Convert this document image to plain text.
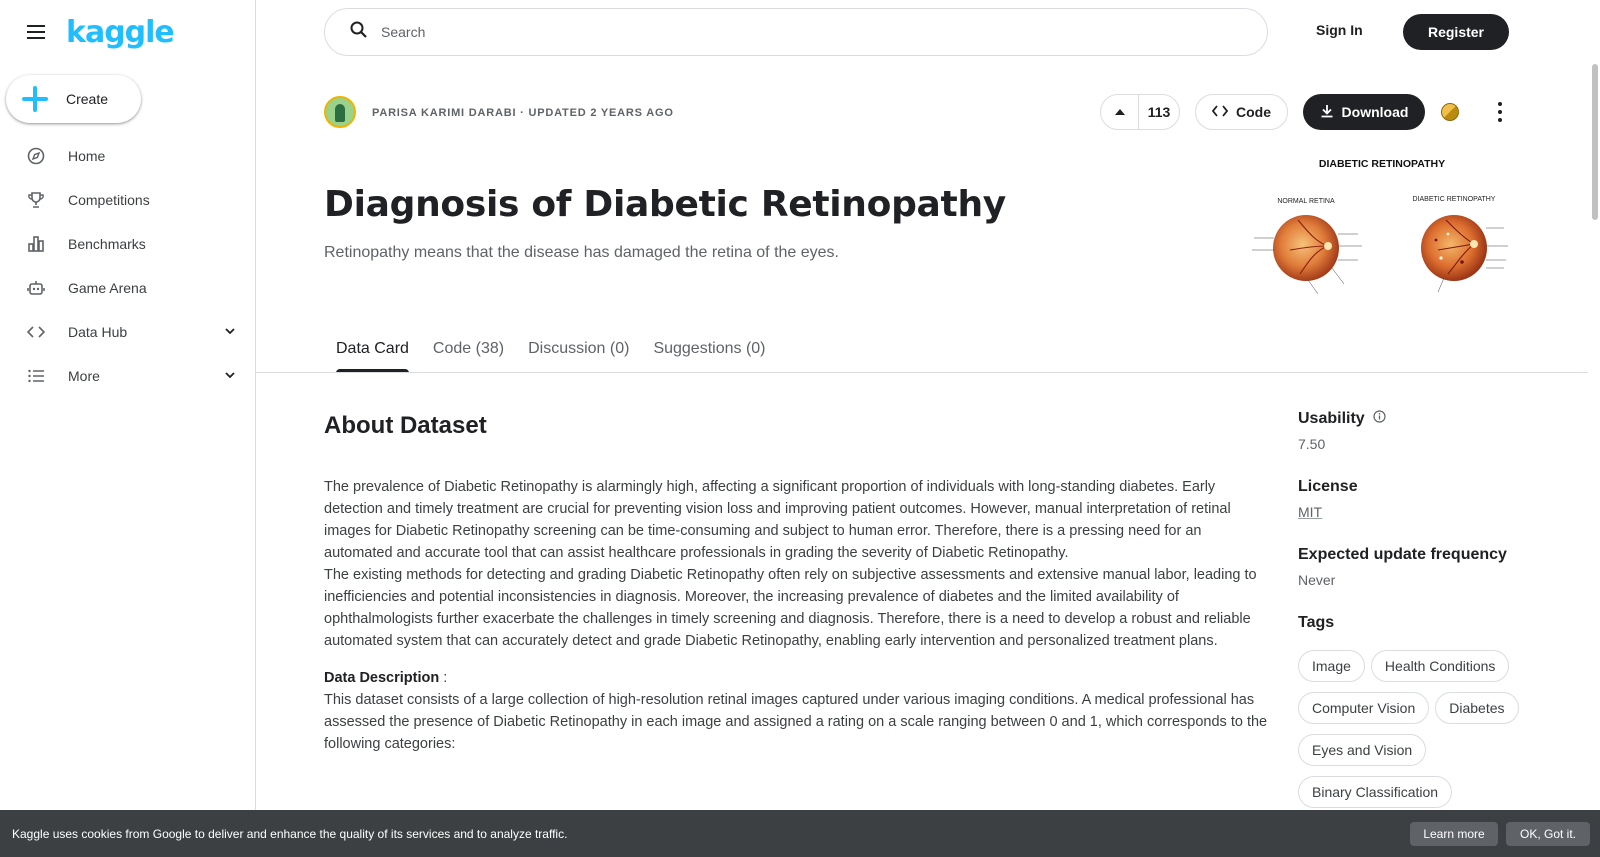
kaggle
Create
Home
Competitions
Benchmarks
Game Arena
Data Hub
More
Search	Sign In	Register
PARISA KARIMI DARABI · UPDATED 2 YEARS AGO	113	Code	Download
Diagnosis of Diabetic Retinopathy
Retinopathy means that the disease has damaged the retina of the eyes.
DIABETIC RETINOPATHY
NORMAL RETINA	DIABETIC RETINOPATHY
Data Card Code (38) Discussion (0) Suggestions (0)
About Dataset

The prevalence of Diabetic Retinopathy is alarmingly high, affecting a significant proportion of individuals with long-standing diabetes. Early detection and timely treatment are crucial for preventing vision loss and improving patient outcomes. However, manual interpretation of retinal images for Diabetic Retinopathy screening can be time-consuming and subject to human error. Therefore, there is a pressing need for an automated and accurate tool that can assist healthcare professionals in grading the severity of Diabetic Retinopathy.

The existing methods for detecting and grading Diabetic Retinopathy often rely on subjective assessments and extensive manual labor, leading to inefficiencies and potential inconsistencies in diagnosis. Moreover, the increasing prevalence of diabetes and the limited availability of ophthalmologists further exacerbate the challenges in timely screening and diagnosis. Therefore, there is a need to develop a robust and reliable automated system that can accurately detect and grade Diabetic Retinopathy, enabling early intervention and personalized treatment plans.

Data Description :

This dataset consists of a large collection of high-resolution retinal images captured under various imaging conditions. A medical professional has assessed the presence of Diabetic Retinopathy in each image and assigned a rating on a scale ranging between 0 and 1, which corresponds to the following categories:

Usability
7.50
License
MIT
Expected update frequency
Never
Tags
Image	Health Conditions
Computer Vision	Diabetes
Eyes and Vision
Binary Classification
Kaggle uses cookies from Google to deliver and enhance the quality of its services and to analyze traffic.	Learn more	OK, Got it.
